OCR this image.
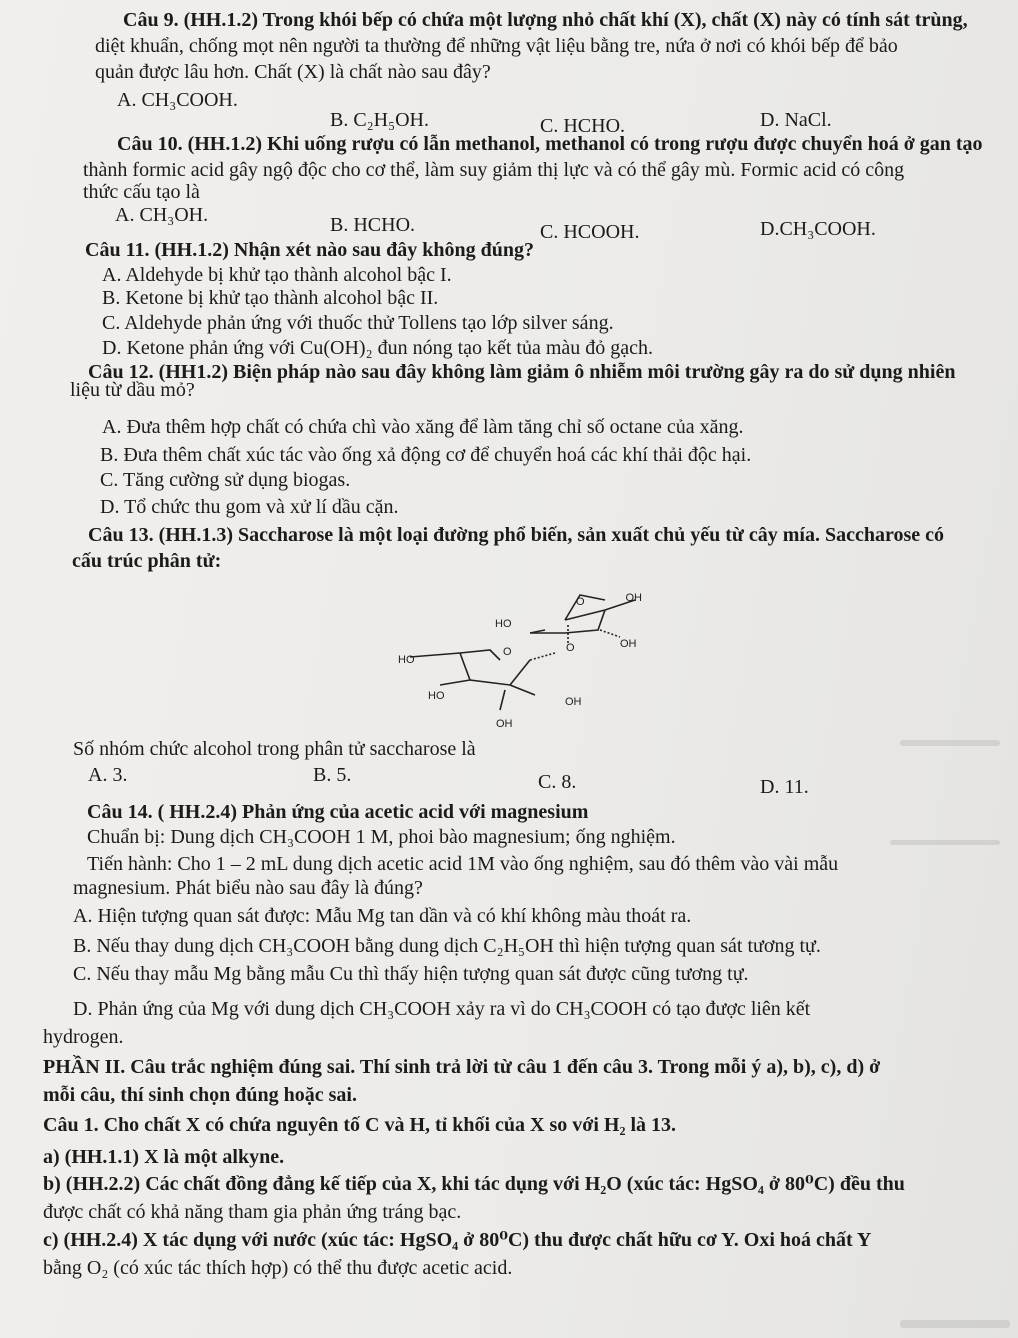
Câu 9. (HH.1.2) Trong khói bếp có chứa một lượng nhỏ chất khí (X), chất (X) này có tính sát trùng,
diệt khuẩn, chống mọt nên người ta thường để những vật liệu bằng tre, nứa ở nơi có khói bếp để bảo
quản được lâu hơn. Chất (X) là chất nào sau đây?
A. CH₃COOH.
B. C₂H₅OH.	C. HCHO.	D. NaCl.
Câu 10. (HH.1.2) Khi uống rượu có lẫn methanol, methanol có trong rượu được chuyển hoá ở gan tạo
thành formic acid gây ngộ độc cho cơ thể, làm suy giảm thị lực và có thể gây mù. Formic acid có công
thức cấu tạo là
A. CH₃OH.	B. HCHO.	C. HCOOH.	D.CH₃COOH.
Câu 11. (HH.1.2) Nhận xét nào sau đây không đúng?
A. Aldehyde bị khử tạo thành alcohol bậc I.
B. Ketone bị khử tạo thành alcohol bậc II.
C. Aldehyde phản ứng với thuốc thử Tollens tạo lớp silver sáng.
D. Ketone phản ứng với Cu(OH)₂ đun nóng tạo kết tủa màu đỏ gạch.
Câu 12. (HH1.2) Biện pháp nào sau đây không làm giảm ô nhiễm môi trường gây ra do sử dụng nhiên
liệu từ dầu mỏ?
A. Đưa thêm hợp chất có chứa chì vào xăng để làm tăng chỉ số octane của xăng.
B. Đưa thêm chất xúc tác vào ống xả động cơ để chuyển hoá các khí thải độc hại.
C. Tăng cường sử dụng biogas.
D. Tổ chức thu gom và xử lí dầu cặn.
Câu 13. (HH.1.3) Saccharose là một loại đường phổ biến, sản xuất chủ yếu từ cây mía. Saccharose có
cấu trúc phân tử:
OH
HO
O
OH
HO
O	O
HO	OH
OH
Số nhóm chức alcohol trong phân tử saccharose là
A. 3.	B. 5.	C. 8.	D. 11.
Câu 14. ( HH.2.4) Phản ứng của acetic acid với magnesium
Chuẩn bị: Dung dịch CH₃COOH 1 M, phoi bào magnesium; ống nghiệm.
Tiến hành: Cho 1 – 2 mL dung dịch acetic acid 1M vào ống nghiệm, sau đó thêm vào vài mẫu
magnesium. Phát biểu nào sau đây là đúng?
A. Hiện tượng quan sát được: Mẫu Mg tan dần và có khí không màu thoát ra.
B. Nếu thay dung dịch CH₃COOH bằng dung dịch C₂H₅OH thì hiện tượng quan sát tương tự.
C. Nếu thay mẫu Mg bằng mẫu Cu thì thấy hiện tượng quan sát được cũng tương tự.
D. Phản ứng của Mg với dung dịch CH₃COOH xảy ra vì do CH₃COOH có tạo được liên kết
hydrogen.
PHẦN II. Câu trắc nghiệm đúng sai. Thí sinh trả lời từ câu 1 đến câu 3. Trong mỗi ý a), b), c), d) ở
mỗi câu, thí sinh chọn đúng hoặc sai.
Câu 1. Cho chất X có chứa nguyên tố C và H, tỉ khối của X so với H₂ là 13.
a) (HH.1.1) X là một alkyne.
b) (HH.2.2) Các chất đồng đẳng kế tiếp của X, khi tác dụng với H₂O (xúc tác: HgSO₄ ở 80⁰C) đều thu
được chất có khả năng tham gia phản ứng tráng bạc.
c) (HH.2.4) X tác dụng với nước (xúc tác: HgSO₄ ở 80⁰C) thu được chất hữu cơ Y. Oxi hoá chất Y
bằng O₂ (có xúc tác thích hợp) có thể thu được acetic acid.
